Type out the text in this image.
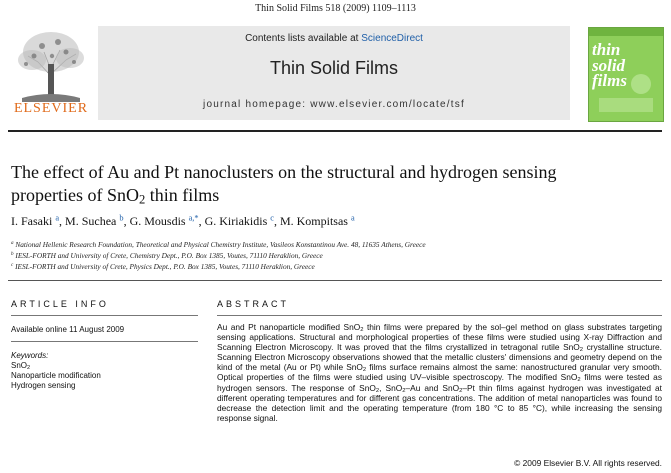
Thin Solid Films 518 (2009) 1109–1113
ELSEVIER
Contents lists available at ScienceDirect
Thin Solid Films
journal homepage: www.elsevier.com/locate/tsf
thin
solid
films
The effect of Au and Pt nanoclusters on the structural and hydrogen sensing
properties of SnO$_2$ thin films
I. Fasaki $^a$, M. Suchea $^b$, G. Mousdis $^{a,*}$, G. Kiriakidis $^c$, M. Kompitsas $^a$
$^a$ National Hellenic Research Foundation, Theoretical and Physical Chemistry Institute, Vasileos Konstantinou Ave. 48, 11635 Athens, Greece
$^b$ IESL-FORTH and University of Crete, Chemistry Dept., P.O. Box 1385, Voutes, 71110 Heraklion, Greece
$^c$ IESL-FORTH and University of Crete, Physics Dept., P.O. Box 1385, Voutes, 71110 Heraklion, Greece
ARTICLE INFO
Available online 11 August 2009
Keywords:
SnO$_2$
Nanoparticle modification
Hydrogen sensing
ABSTRACT
Au and Pt nanoparticle modified SnO$_2$ thin films were prepared by the sol–gel method on glass substrates targeting sensing applications. Structural and morphological properties of these films were studied using X-ray Diffraction and Scanning Electron Microscopy. It was proved that the films crystallized in tetragonal rutile SnO$_2$ crystalline structure. Scanning Electron Microscopy observations showed that the metallic clusters' dimensions and geometry depend on the kind of the metal (Au or Pt) while SnO$_2$ films surface remains almost the same: nanostructured granular very smooth. Optical properties of the films were studied using UV–visible spectroscopy. The modified SnO$_2$ films were tested as hydrogen sensors. The response of SnO$_2$, SnO$_2$–Au and SnO$_2$–Pt thin films against hydrogen was investigated at different operating temperatures and for different gas concentrations. The addition of metal nanoparticles was found to decrease the detection limit and the operating temperature (from 180 °C to 85 °C), while increasing the sensing response signal.
© 2009 Elsevier B.V. All rights reserved.
